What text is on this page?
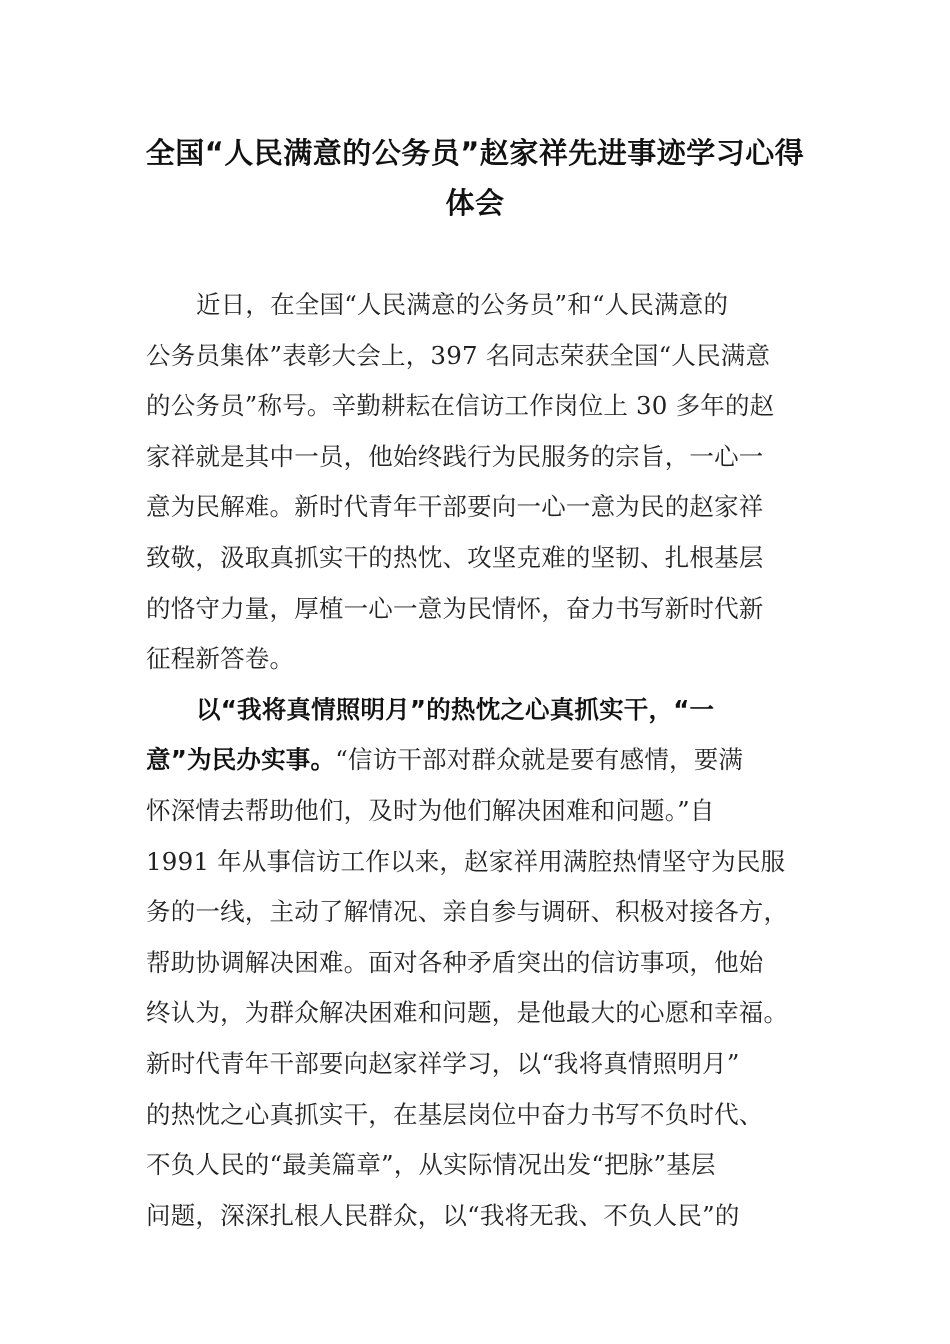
全国“人民满意的公务员”赵家祥先进事迹学习心得
体会
近日，在全国“人民满意的公务员”和“人民满意的
公务员集体”表彰大会上，397 名同志荣获全国“人民满意
的公务员”称号。辛勤耕耘在信访工作岗位上 30 多年的赵
家祥就是其中一员，他始终践行为民服务的宗旨，一心一
意为民解难。新时代青年干部要向一心一意为民的赵家祥
致敬，汲取真抓实干的热忱、攻坚克难的坚韧、扎根基层
的恪守力量，厚植一心一意为民情怀，奋力书写新时代新
征程新答卷。
以“我将真情照明月”的热忱之心真抓实干，“一
意”为民办实事。“信访干部对群众就是要有感情，要满
怀深情去帮助他们，及时为他们解决困难和问题。”自
1991 年从事信访工作以来，赵家祥用满腔热情坚守为民服
务的一线，主动了解情况、亲自参与调研、积极对接各方，
帮助协调解决困难。面对各种矛盾突出的信访事项，他始
终认为，为群众解决困难和问题，是他最大的心愿和幸福。
新时代青年干部要向赵家祥学习，以“我将真情照明月”
的热忱之心真抓实干，在基层岗位中奋力书写不负时代、
不负人民的“最美篇章”，从实际情况出发“把脉”基层
问题，深深扎根人民群众，以“我将无我、不负人民”的
